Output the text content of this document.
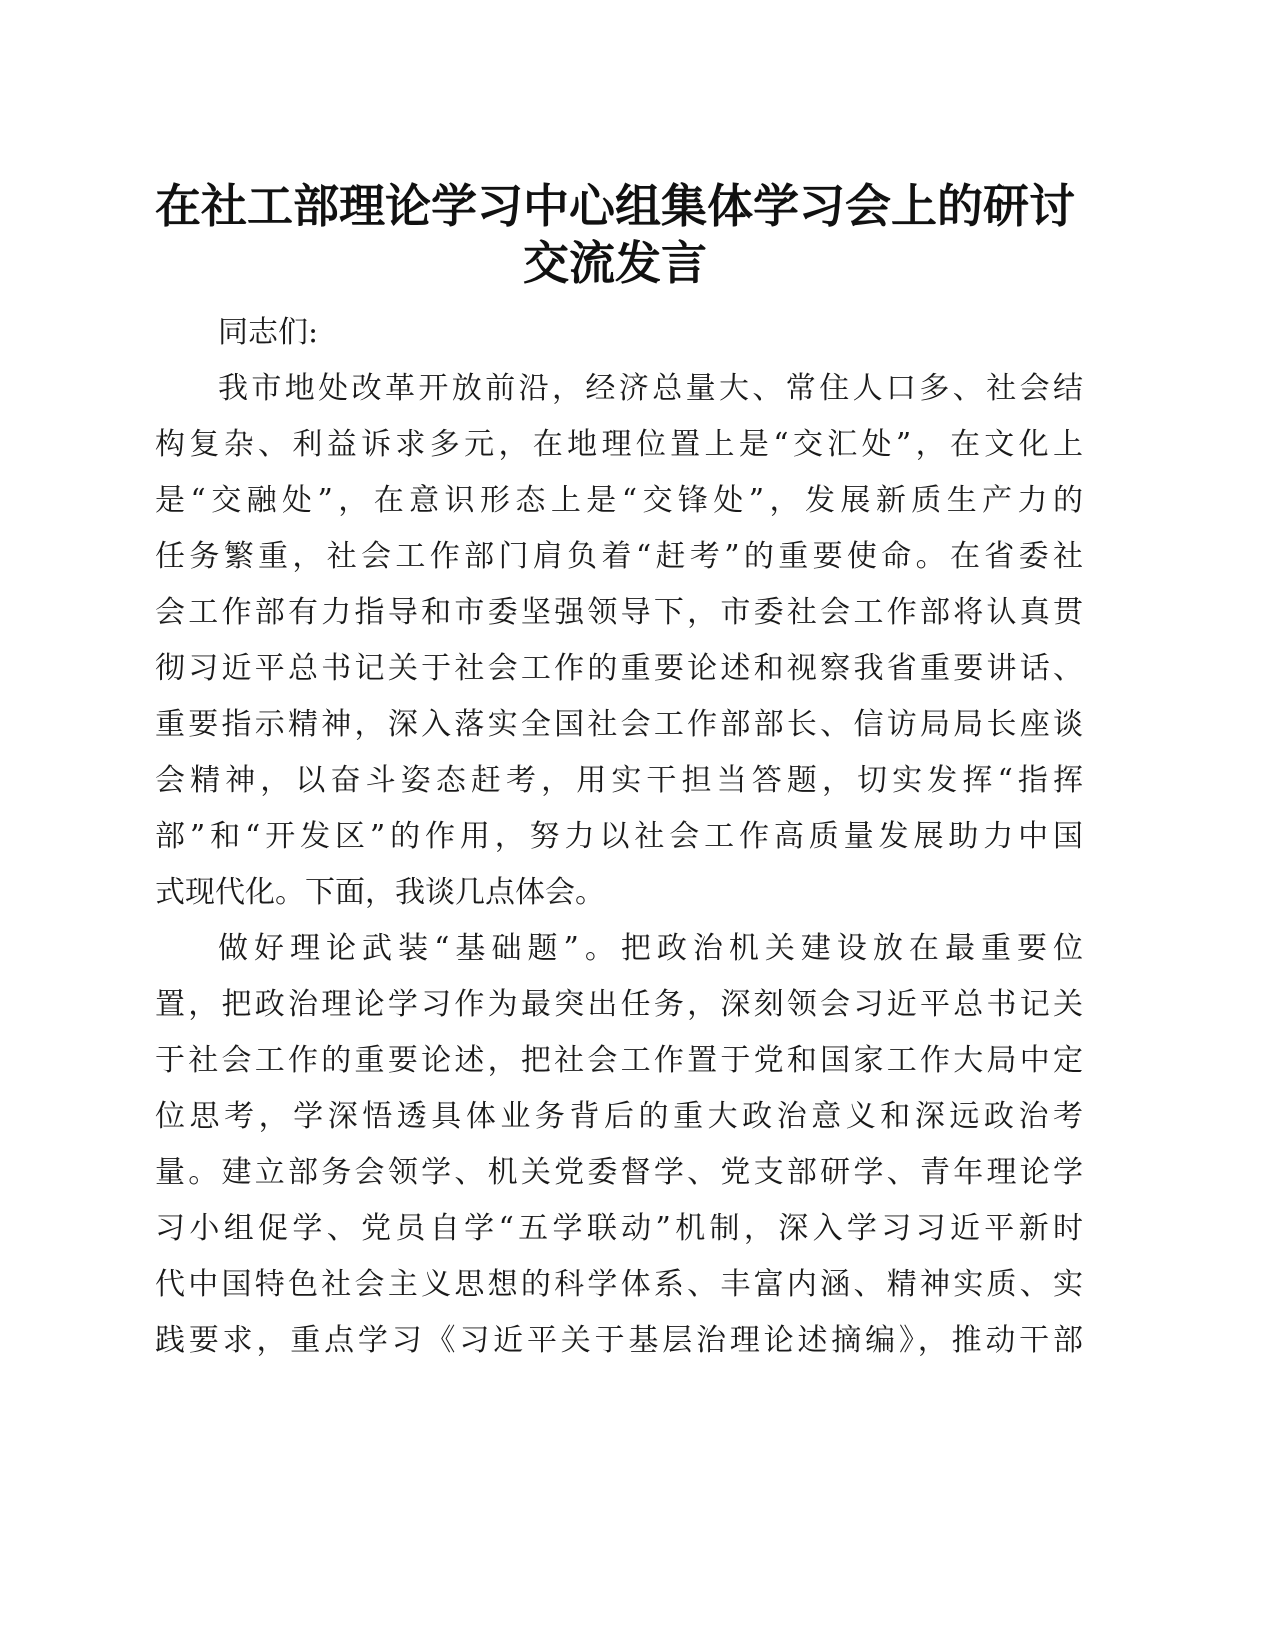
在社工部理论学习中心组集体学习会上的研讨
交流发言
同志们:
我市地处改革开放前沿，经济总量大、常住人口多、社会结
构复杂、利益诉求多元，在地理位置上是“交汇处”，在文化上
是“交融处”，在意识形态上是“交锋处”，发展新质生产力的
任务繁重，社会工作部门肩负着“赶考”的重要使命。在省委社
会工作部有力指导和市委坚强领导下，市委社会工作部将认真贯
彻习近平总书记关于社会工作的重要论述和视察我省重要讲话、
重要指示精神，深入落实全国社会工作部部长、信访局局长座谈
会精神，以奋斗姿态赶考，用实干担当答题，切实发挥“指挥
部”和“开发区”的作用，努力以社会工作高质量发展助力中国
式现代化。下面，我谈几点体会。
做好理论武装“基础题”。把政治机关建设放在最重要位
置，把政治理论学习作为最突出任务，深刻领会习近平总书记关
于社会工作的重要论述，把社会工作置于党和国家工作大局中定
位思考，学深悟透具体业务背后的重大政治意义和深远政治考
量。建立部务会领学、机关党委督学、党支部研学、青年理论学
习小组促学、党员自学“五学联动”机制，深入学习习近平新时
代中国特色社会主义思想的科学体系、丰富内涵、精神实质、实
践要求，重点学习《习近平关于基层治理论述摘编》，推动干部
